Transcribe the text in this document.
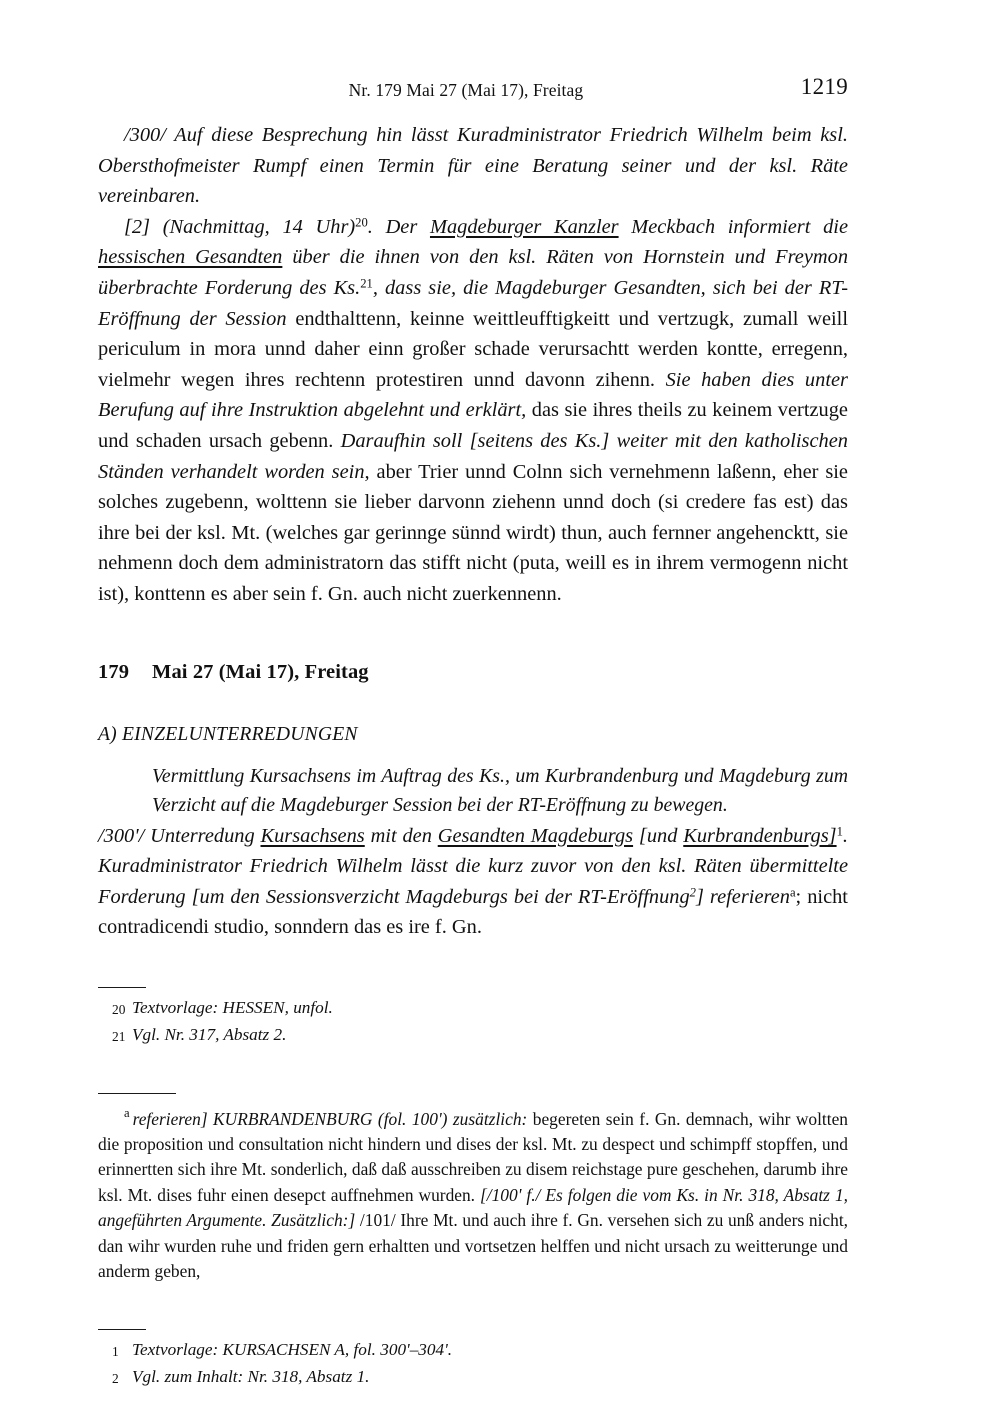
Nr. 179 Mai 27 (Mai 17), Freitag	1219

/300/ Auf diese Besprechung hin lässt Kuradministrator Friedrich Wilhelm beim ksl. Obersthofmeister Rumpf einen Termin für eine Beratung seiner und der ksl. Räte vereinbaren.

[2] (Nachmittag, 14 Uhr)$^{20}$. Der Magdeburger Kanzler Meckbach informiert die hessischen Gesandten über die ihnen von den ksl. Räten von Hornstein und Freymon überbrachte Forderung des Ks.$^{21}$, dass sie, die Magdeburger Gesandten, sich bei der RT-Eröffnung der Session endthalttenn, keinne weittleufftigkeitt und vertzugk, zumall weill periculum in mora unnd daher einn großer schade verursachtt werden kontte, erregenn, vielmehr wegen ihres rechtenn protestiren unnd davonn zihenn. Sie haben dies unter Berufung auf ihre Instruktion abgelehnt und erklärt, das sie ihres theils zu keinem vertzuge und schaden ursach gebenn. Daraufhin soll [seitens des Ks.] weiter mit den katholischen Ständen verhandelt worden sein, aber Trier unnd Colnn sich vernehmenn laßenn, eher sie solches zugebenn, wolttenn sie lieber darvonn ziehenn unnd doch (si credere fas est) das ihre bei der ksl. Mt. (welches gar gerinnge sünnd wirdt) thun, auch fernner angehencktt, sie nehmenn doch dem administratorn das stifft nicht (puta, weill es in ihrem vermogenn nicht ist), konttenn es aber sein f. Gn. auch nicht zuerkennenn.

179 Mai 27 (Mai 17), Freitag
A) EINZELUNTERREDUNGEN
Vermittlung Kursachsens im Auftrag des Ks., um Kurbrandenburg und Magdeburg zum Verzicht auf die Magdeburger Session bei der RT-Eröffnung zu bewegen.

/300'/ Unterredung Kursachsens mit den Gesandten Magdeburgs [und Kurbrandenburgs]$^1$. Kuradministrator Friedrich Wilhelm lässt die kurz zuvor von den ksl. Räten übermittelte Forderung [um den Sessionsverzicht Magdeburgs bei der RT-Eröffnung$^2$] referieren$^a$; nicht contradicendi studio, sonndern das es ire f. Gn.

20 Textvorlage: HESSEN, unfol.
21 Vgl. Nr. 317, Absatz 2.

$^a$ referieren] KURBRANDENBURG (fol. 100') zusätzlich: begereten sein f. Gn. demnach, wihr woltten die proposition und consultation nicht hindern und dises der ksl. Mt. zu despect und schimpff stopffen, und erinnertten sich ihre Mt. sonderlich, daß daß ausschreiben zu disem reichstage pure geschehen, darumb ihre ksl. Mt. dises fuhr einen desepct auffnehmen wurden. [/100' f./ Es folgen die vom Ks. in Nr. 318, Absatz 1, angeführten Argumente. Zusätzlich:] /101/ Ihre Mt. und auch ihre f. Gn. versehen sich zu unß anders nicht, dan wihr wurden ruhe und friden gern erhaltten und vortsetzen helffen und nicht ursach zu weitterunge und anderm geben,

1 Textvorlage: KURSACHSEN A, fol. 300'–304'.
2 Vgl. zum Inhalt: Nr. 318, Absatz 1.
